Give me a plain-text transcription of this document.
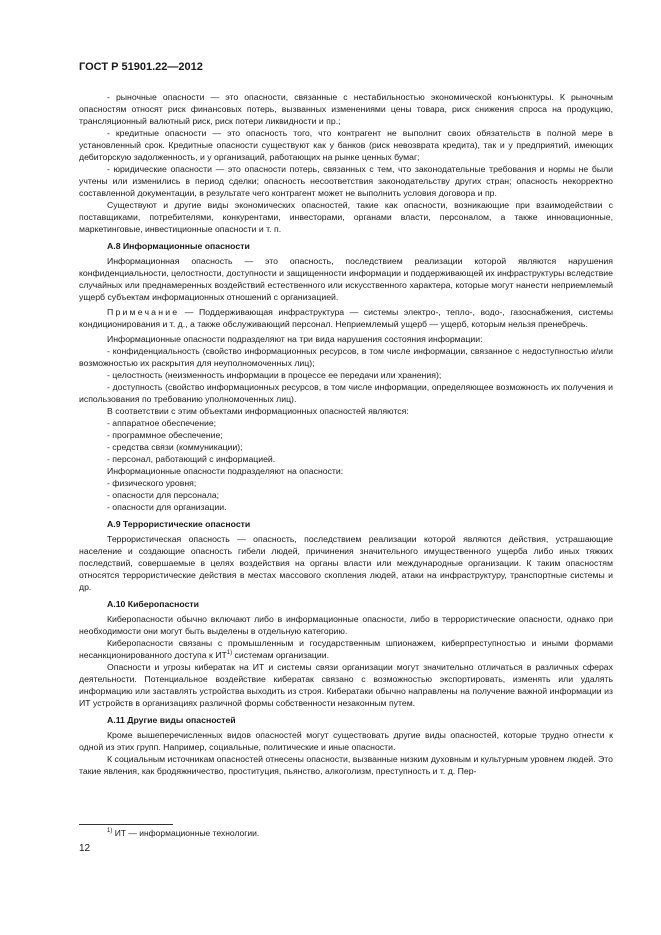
ГОСТ Р 51901.22—2012

- рыночные опасности — это опасности, связанные с нестабильностью экономической конъюнктуры. К рыночным опасностям относят риск финансовых потерь, вызванных изменениями цены товара, риск снижения спроса на продукцию, трансляционный валютный риск, риск потери ликвидности и пр.;

- кредитные опасности — это опасность того, что контрагент не выполнит своих обязательств в полной мере в установленный срок. Кредитные опасности существуют как у банков (риск невозврата кредита), так и у предприятий, имеющих дебиторскую задолженность, и у организаций, работающих на рынке ценных бумаг;

- юридические опасности — это опасности потерь, связанных с тем, что законодательные требования и нормы не были учтены или изменились в период сделки; опасность несоответствия законодательству других стран; опасность некорректно составленной документации, в результате чего контрагент может не выполнить условия договора и пр.

Существуют и другие виды экономических опасностей, такие как опасности, возникающие при взаимодействии с поставщиками, потребителями, конкурентами, инвесторами, органами власти, персоналом, а также инновационные, маркетинговые, инвестиционные опасности и т. п.

А.8 Информационные опасности

Информационная опасность — это опасность, последствием реализации которой являются нарушения конфиденциальности, целостности, доступности и защищенности информации и поддерживающей их инфраструктуры вследствие случайных или преднамеренных воздействий естественного или искусственного характера, которые могут нанести неприемлемый ущерб субъектам информационных отношений с организацией.

Примечание — Поддерживающая инфраструктура — системы электро-, тепло-, водо-, газоснабжения, системы кондиционирования и т. д., а также обслуживающий персонал. Неприемлемый ущерб — ущерб, которым нельзя пренебречь.

Информационные опасности подразделяют на три вида нарушения состояния информации:

- конфиденциальность (свойство информационных ресурсов, в том числе информации, связанное с недоступностью и/или возможностью их раскрытия для неуполномоченных лиц);

- целостность (неизменность информации в процессе ее передачи или хранения);

- доступность (свойство информационных ресурсов, в том числе информации, определяющее возможность их получения и использования по требованию уполномоченных лиц).

В соответствии с этим объектами информационных опасностей являются:

- аппаратное обеспечение;

- программное обеспечение;

- средства связи (коммуникации);

- персонал, работающий с информацией.

Информационные опасности подразделяют на опасности:

- физического уровня;

- опасности для персонала;

- опасности для организации.

А.9 Террористические опасности

Террористическая опасность — опасность, последствием реализации которой являются действия, устрашающие население и создающие опасность гибели людей, причинения значительного имущественного ущерба либо иных тяжких последствий, совершаемые в целях воздействия на органы власти или международные организации. К таким опасностям относятся террористические действия в местах массового скопления людей, атаки на инфраструктуру, транспортные системы и др.

А.10 Киберопасности

Киберопасности обычно включают либо в информационные опасности, либо в террористические опасности, однако при необходимости они могут быть выделены в отдельную категорию.

Киберопасности связаны с промышленным и государственным шпионажем, киберпреступностью и иными формами несанкционированного доступа к ИТ$^{1)}$ системам организации.

Опасности и угрозы кибератак на ИТ и системы связи организации могут значительно отличаться в различных сферах деятельности. Потенциальное воздействие кибератак связано с возможностью экспортировать, изменять или удалять информацию или заставлять устройства выходить из строя. Кибератаки обычно направлены на получение важной информации из ИТ устройств в организациях различной формы собственности незаконным путем.

А.11 Другие виды опасностей

Кроме вышеперечисленных видов опасностей могут существовать другие виды опасностей, которые трудно отнести к одной из этих групп. Например, социальные, политические и иные опасности.

К социальным источникам опасностей отнесены опасности, вызванные низким духовным и культурным уровнем людей. Это такие явления, как бродяжничество, проституция, пьянство, алкоголизм, преступность и т. д. Пер-

$^{1)}$ ИТ — информационные технологии.
12
